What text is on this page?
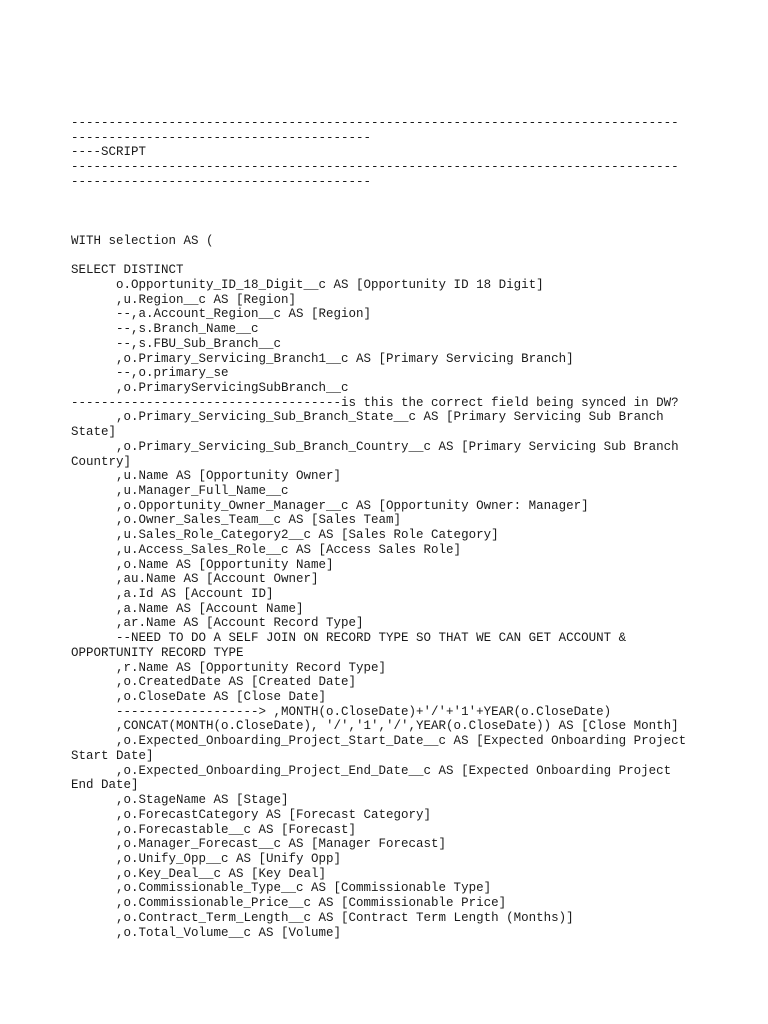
---------------------------------------------------------------------------------
----------------------------------------
----SCRIPT
---------------------------------------------------------------------------------
----------------------------------------
WITH selection AS (
SELECT DISTINCT
o.Opportunity_ID_18_Digit__c AS [Opportunity ID 18 Digit]
,u.Region__c AS [Region]
--,a.Account_Region__c AS [Region]
--,s.Branch_Name__c
--,s.FBU_Sub_Branch__c
,o.Primary_Servicing_Branch1__c AS [Primary Servicing Branch]
--,o.primary_se
,o.PrimaryServicingSubBranch__c
------------------------------------is this the correct field being synced in DW?
,o.Primary_Servicing_Sub_Branch_State__c AS [Primary Servicing Sub Branch
State]
,o.Primary_Servicing_Sub_Branch_Country__c AS [Primary Servicing Sub Branch
Country]
,u.Name AS [Opportunity Owner]
,u.Manager_Full_Name__c
,o.Opportunity_Owner_Manager__c AS [Opportunity Owner: Manager]
,o.Owner_Sales_Team__c AS [Sales Team]
,u.Sales_Role_Category2__c AS [Sales Role Category]
,u.Access_Sales_Role__c AS [Access Sales Role]
,o.Name AS [Opportunity Name]
,au.Name AS [Account Owner]
,a.Id AS [Account ID]
,a.Name AS [Account Name]
,ar.Name AS [Account Record Type]
--NEED TO DO A SELF JOIN ON RECORD TYPE SO THAT WE CAN GET ACCOUNT &
OPPORTUNITY RECORD TYPE
,r.Name AS [Opportunity Record Type]
,o.CreatedDate AS [Created Date]
,o.CloseDate AS [Close Date]
-------------------> ,MONTH(o.CloseDate)+'/'+'1'+YEAR(o.CloseDate)
,CONCAT(MONTH(o.CloseDate), '/','1','/',YEAR(o.CloseDate)) AS [Close Month]
,o.Expected_Onboarding_Project_Start_Date__c AS [Expected Onboarding Project
Start Date]
,o.Expected_Onboarding_Project_End_Date__c AS [Expected Onboarding Project
End Date]
,o.StageName AS [Stage]
,o.ForecastCategory AS [Forecast Category]
,o.Forecastable__c AS [Forecast]
,o.Manager_Forecast__c AS [Manager Forecast]
,o.Unify_Opp__c AS [Unify Opp]
,o.Key_Deal__c AS [Key Deal]
,o.Commissionable_Type__c AS [Commissionable Type]
,o.Commissionable_Price__c AS [Commissionable Price]
,o.Contract_Term_Length__c AS [Contract Term Length (Months)]
,o.Total_Volume__c AS [Volume]
